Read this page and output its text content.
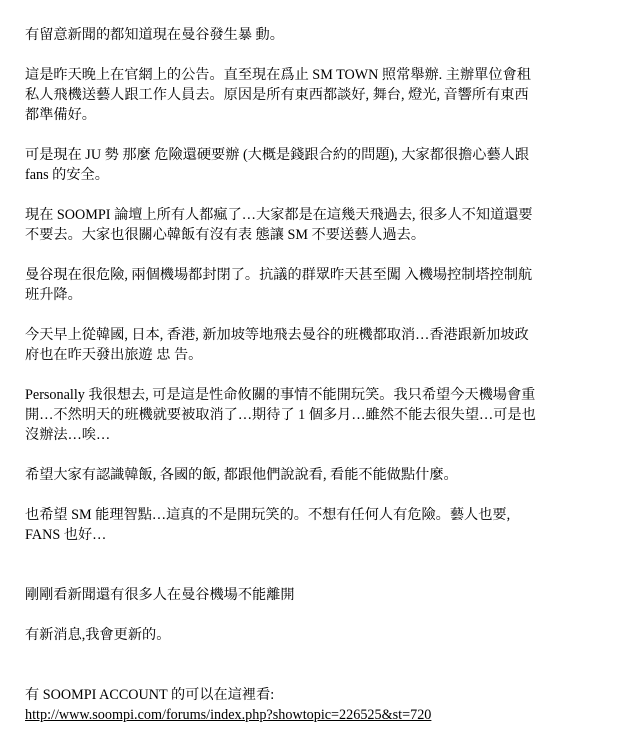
有留意新聞的都知道現在曼谷發生暴 動。
這是昨天晚上在官網上的公告。直至現在爲止 SM TOWN 照常舉辦. 主辦單位會租
私人飛機送藝人跟工作人員去。原因是所有東西都談好, 舞台, 燈光, 音響所有東西
都準備好。
可是現在 JU 勢 那麼 危險還硬要辦 (大概是錢跟合約的問題), 大家都很擔心藝人跟
fans 的安全。
現在 SOOMPI 論壇上所有人都瘋了…大家都是在這幾天飛過去, 很多人不知道還要
不要去。大家也很關心韓飯有沒有表 態讓 SM 不要送藝人過去。
曼谷現在很危險, 兩個機場都封閉了。抗議的群眾昨天甚至闖 入機場控制塔控制航
班升降。
今天早上從韓國, 日本, 香港, 新加坡等地飛去曼谷的班機都取消…香港跟新加坡政
府也在昨天發出旅遊 忠 告。
Personally 我很想去, 可是這是性命攸關的事情不能開玩笑。我只希望今天機場會重
開…不然明天的班機就要被取消了…期待了 1 個多月…雖然不能去很失望…可是也
沒辦法…唉…
希望大家有認識韓飯, 各國的飯, 都跟他們說說看, 看能不能做點什麼。
也希望 SM 能理智點…這真的不是開玩笑的。不想有任何人有危險。藝人也要,
FANS 也好…
剛剛看新聞還有很多人在曼谷機場不能離開
有新消息,我會更新的。
有 SOOMPI ACCOUNT 的可以在這裡看:
http://www.soompi.com/forums/index.php?showtopic=226525&st=720
